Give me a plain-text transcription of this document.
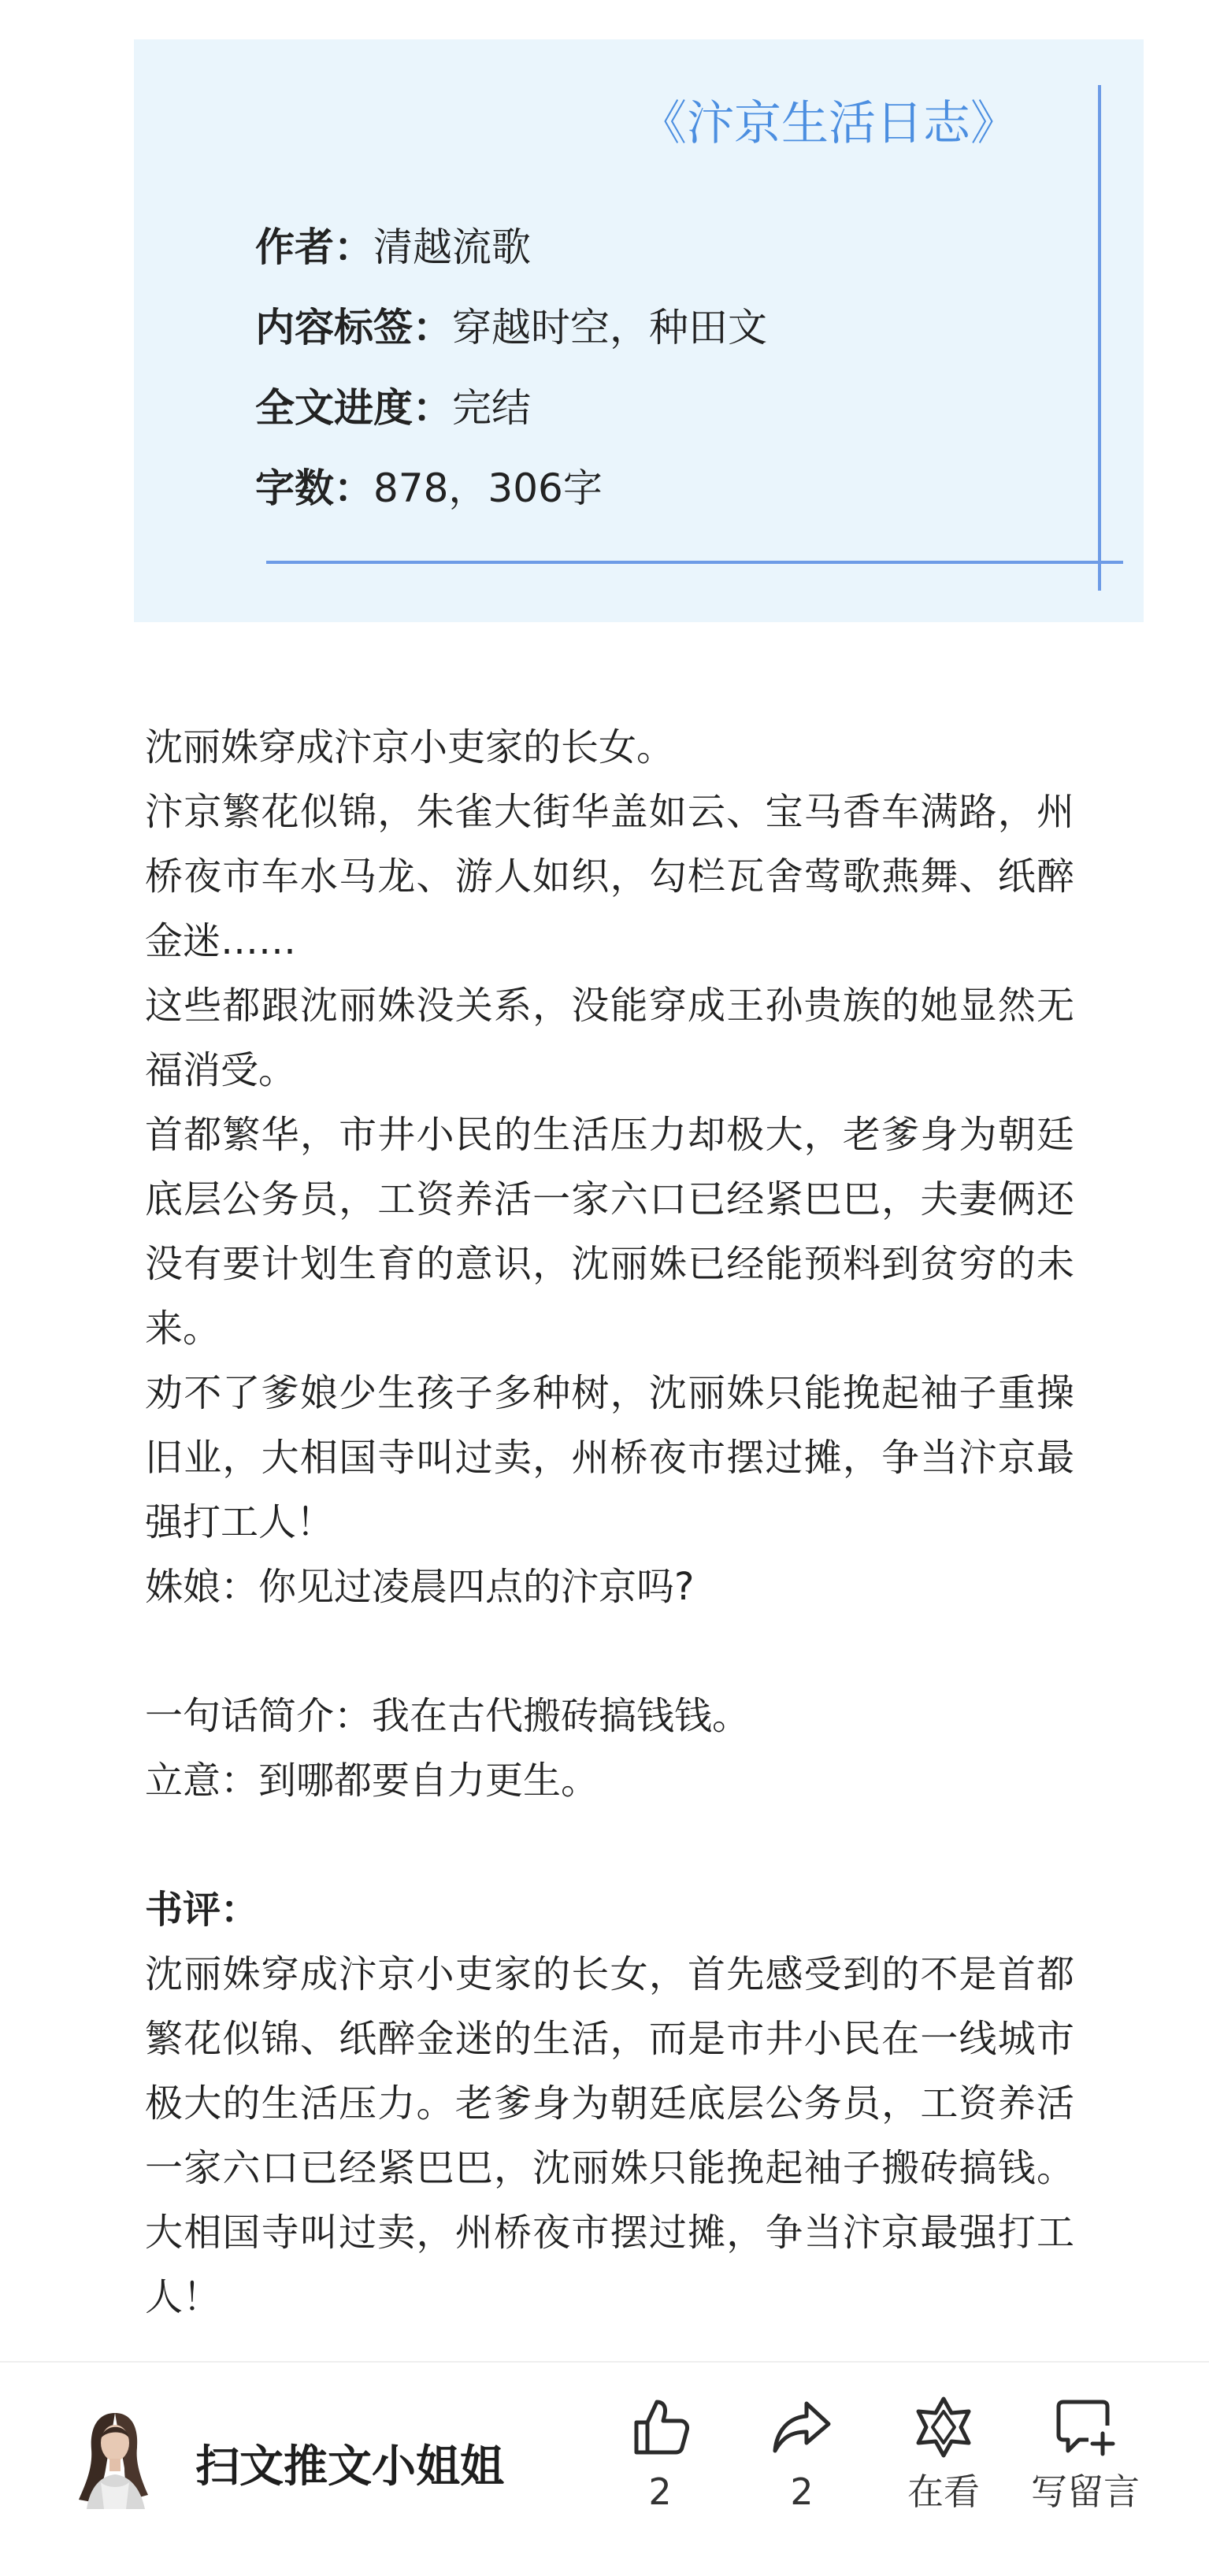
《汴京生活日志》
作者：清越流歌
内容标签：穿越时空，种田文
全文进度：完结
字数：878，306字

沈丽姝穿成汴京小吏家的长女。

汴京繁花似锦，朱雀大街华盖如云、宝马香车满路，州桥夜市车水马龙、游人如织，勾栏瓦舍莺歌燕舞、纸醉金迷……

这些都跟沈丽姝没关系，没能穿成王孙贵族的她显然无福消受。

首都繁华，市井小民的生活压力却极大，老爹身为朝廷底层公务员，工资养活一家六口已经紧巴巴，夫妻俩还没有要计划生育的意识，沈丽姝已经能预料到贫穷的未来。

劝不了爹娘少生孩子多种树，沈丽姝只能挽起袖子重操旧业，大相国寺叫过卖，州桥夜市摆过摊，争当汴京最强打工人！

姝娘：你见过凌晨四点的汴京吗?

一句话简介：我在古代搬砖搞钱钱。

立意：到哪都要自力更生。

书评：

沈丽姝穿成汴京小吏家的长女，首先感受到的不是首都繁花似锦、纸醉金迷的生活，而是市井小民在一线城市极大的生活压力。老爹身为朝廷底层公务员，工资养活一家六口已经紧巴巴，沈丽姝只能挽起袖子搬砖搞钱。大相国寺叫过卖，州桥夜市摆过摊，争当汴京最强打工人！

扫文推文小姐姐	2	2	在看	写留言
